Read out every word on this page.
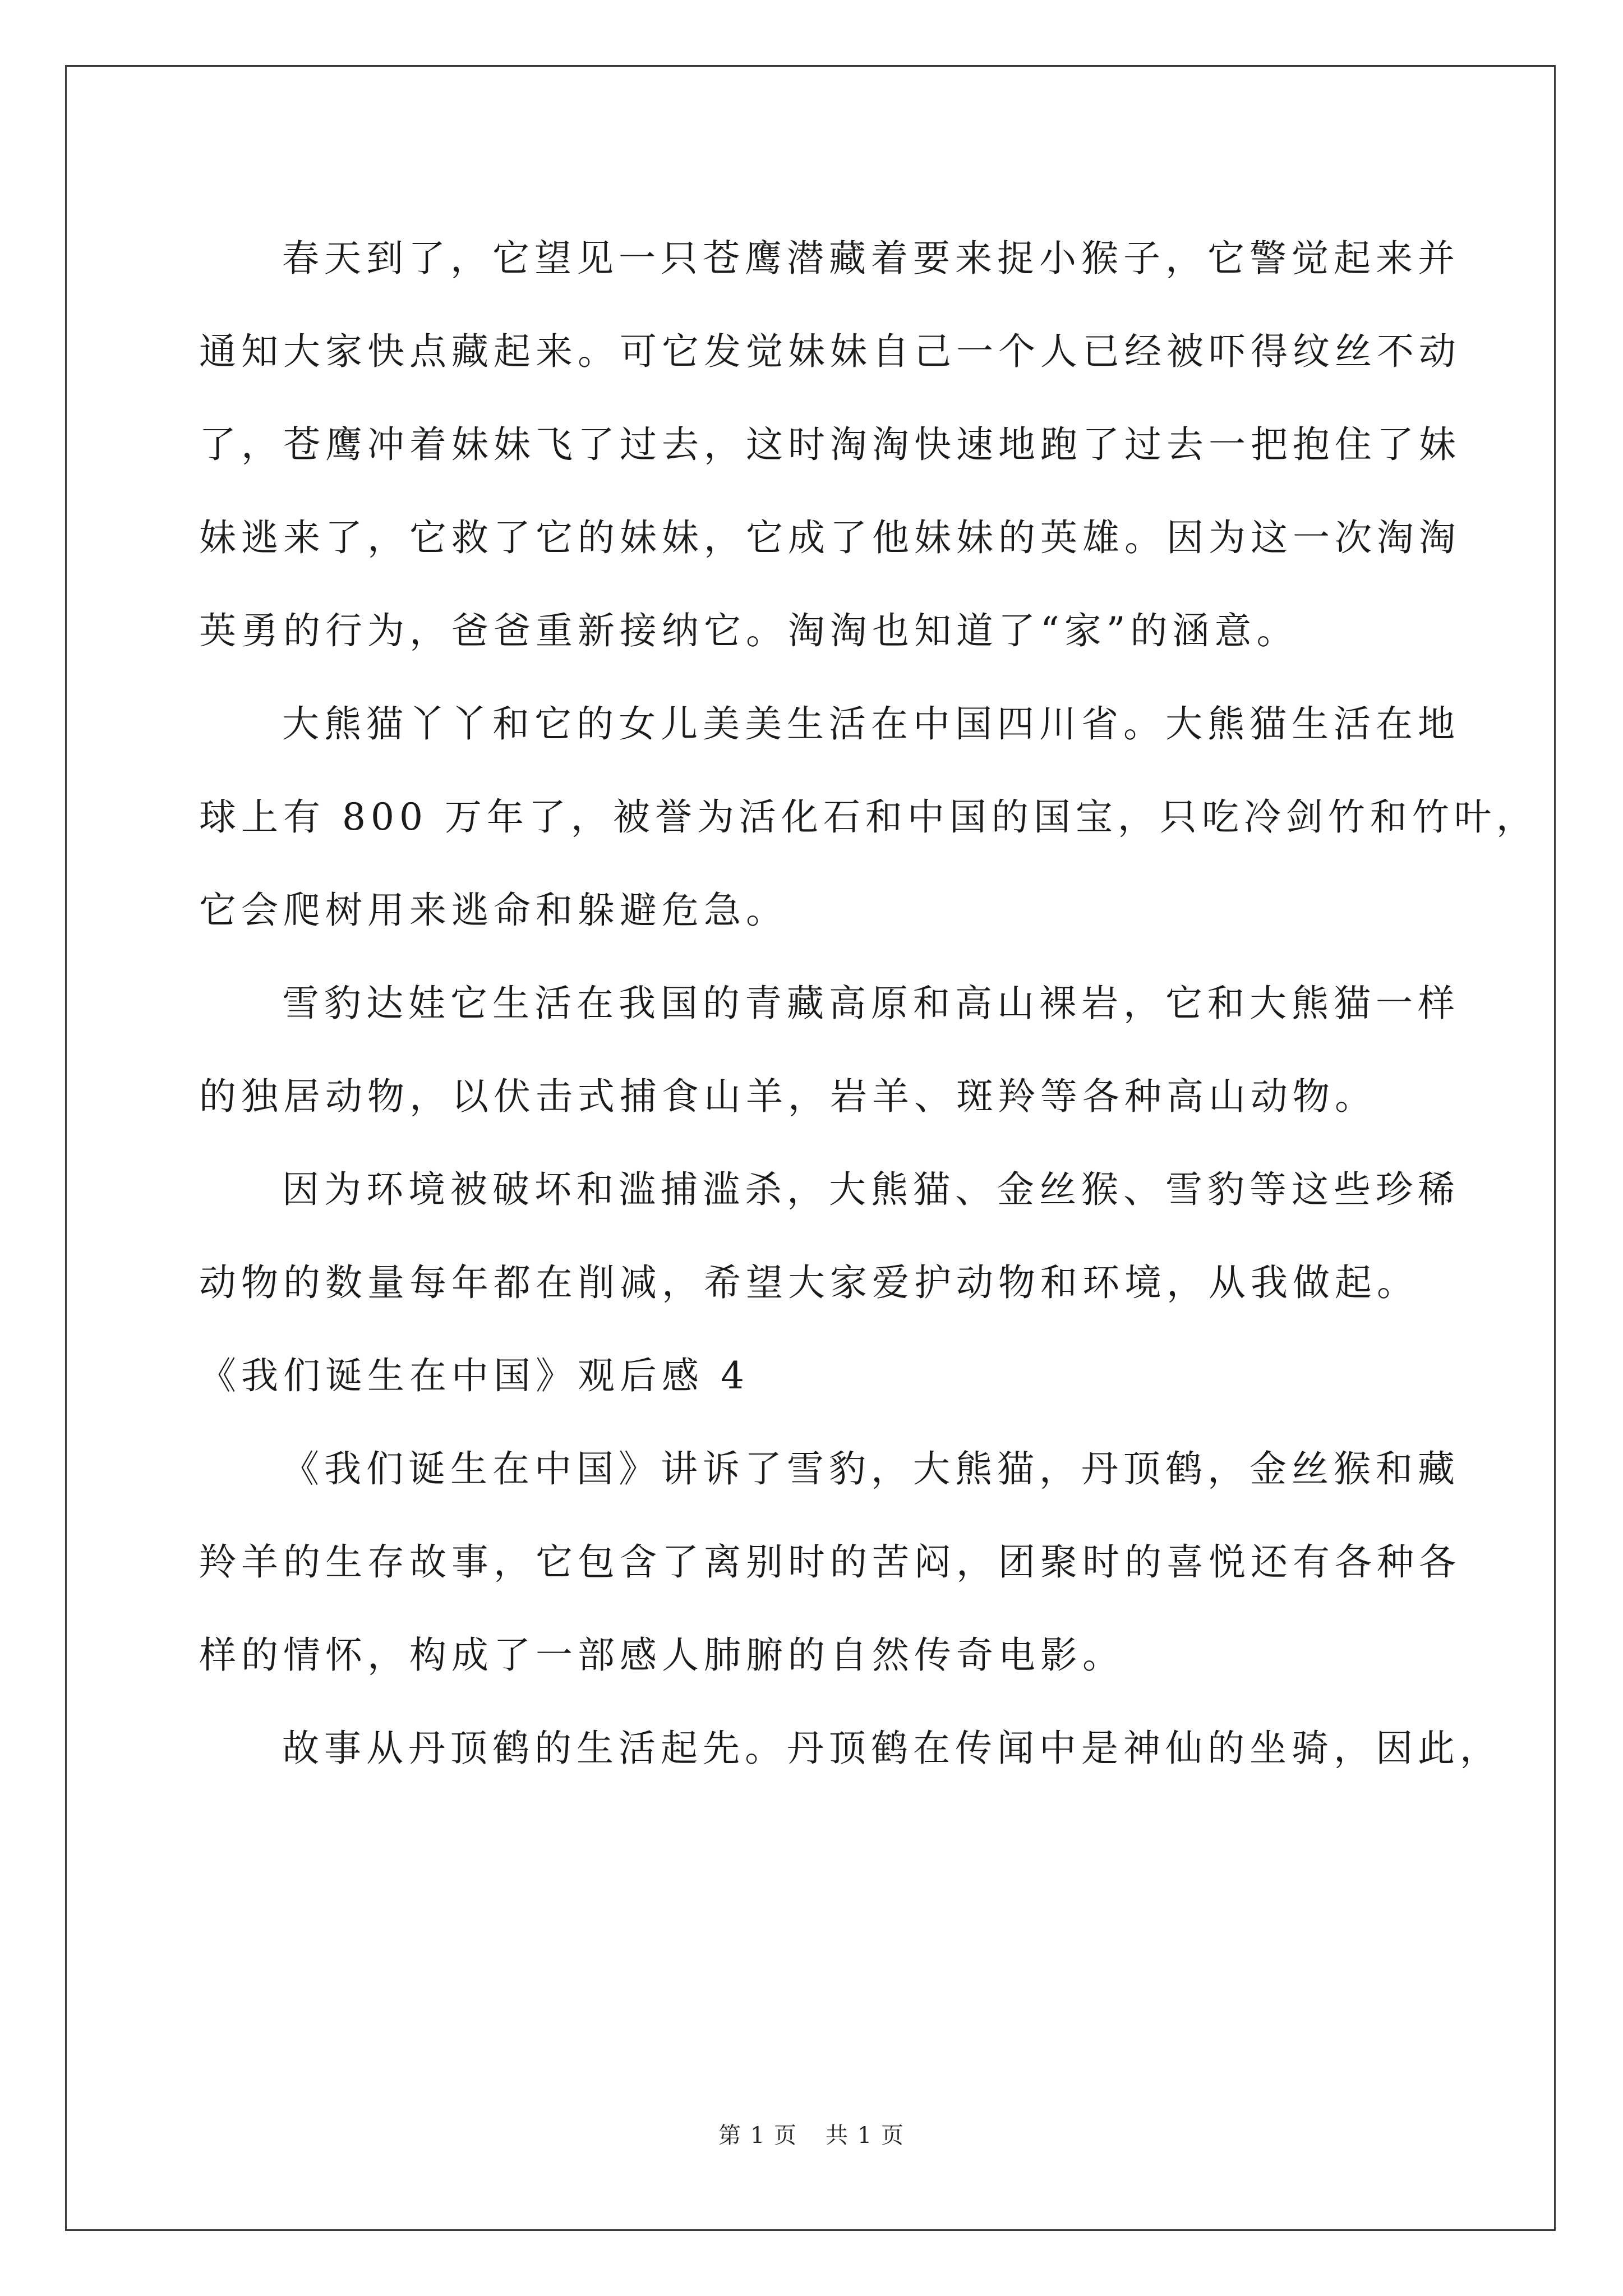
春天到了，它望见一只苍鹰潜藏着要来捉小猴子，它警觉起来并
通知大家快点藏起来。可它发觉妹妹自己一个人已经被吓得纹丝不动
了，苍鹰冲着妹妹飞了过去，这时淘淘快速地跑了过去一把抱住了妹
妹逃来了，它救了它的妹妹，它成了他妹妹的英雄。因为这一次淘淘
英勇的行为，爸爸重新接纳它。淘淘也知道了“家”的涵意。
大熊猫丫丫和它的女儿美美生活在中国四川省。大熊猫生活在地
球上有 800 万年了，被誉为活化石和中国的国宝，只吃冷剑竹和竹叶，
它会爬树用来逃命和躲避危急。
雪豹达娃它生活在我国的青藏高原和高山裸岩，它和大熊猫一样
的独居动物，以伏击式捕食山羊，岩羊、斑羚等各种高山动物。
因为环境被破坏和滥捕滥杀，大熊猫、金丝猴、雪豹等这些珍稀
动物的数量每年都在削减，希望大家爱护动物和环境，从我做起。
《我们诞生在中国》观后感 4
《我们诞生在中国》讲诉了雪豹，大熊猫，丹顶鹤，金丝猴和藏
羚羊的生存故事，它包含了离别时的苦闷，团聚时的喜悦还有各种各
样的情怀，构成了一部感人肺腑的自然传奇电影。
故事从丹顶鹤的生活起先。丹顶鹤在传闻中是神仙的坐骑，因此，
第 1 页 共 1 页
